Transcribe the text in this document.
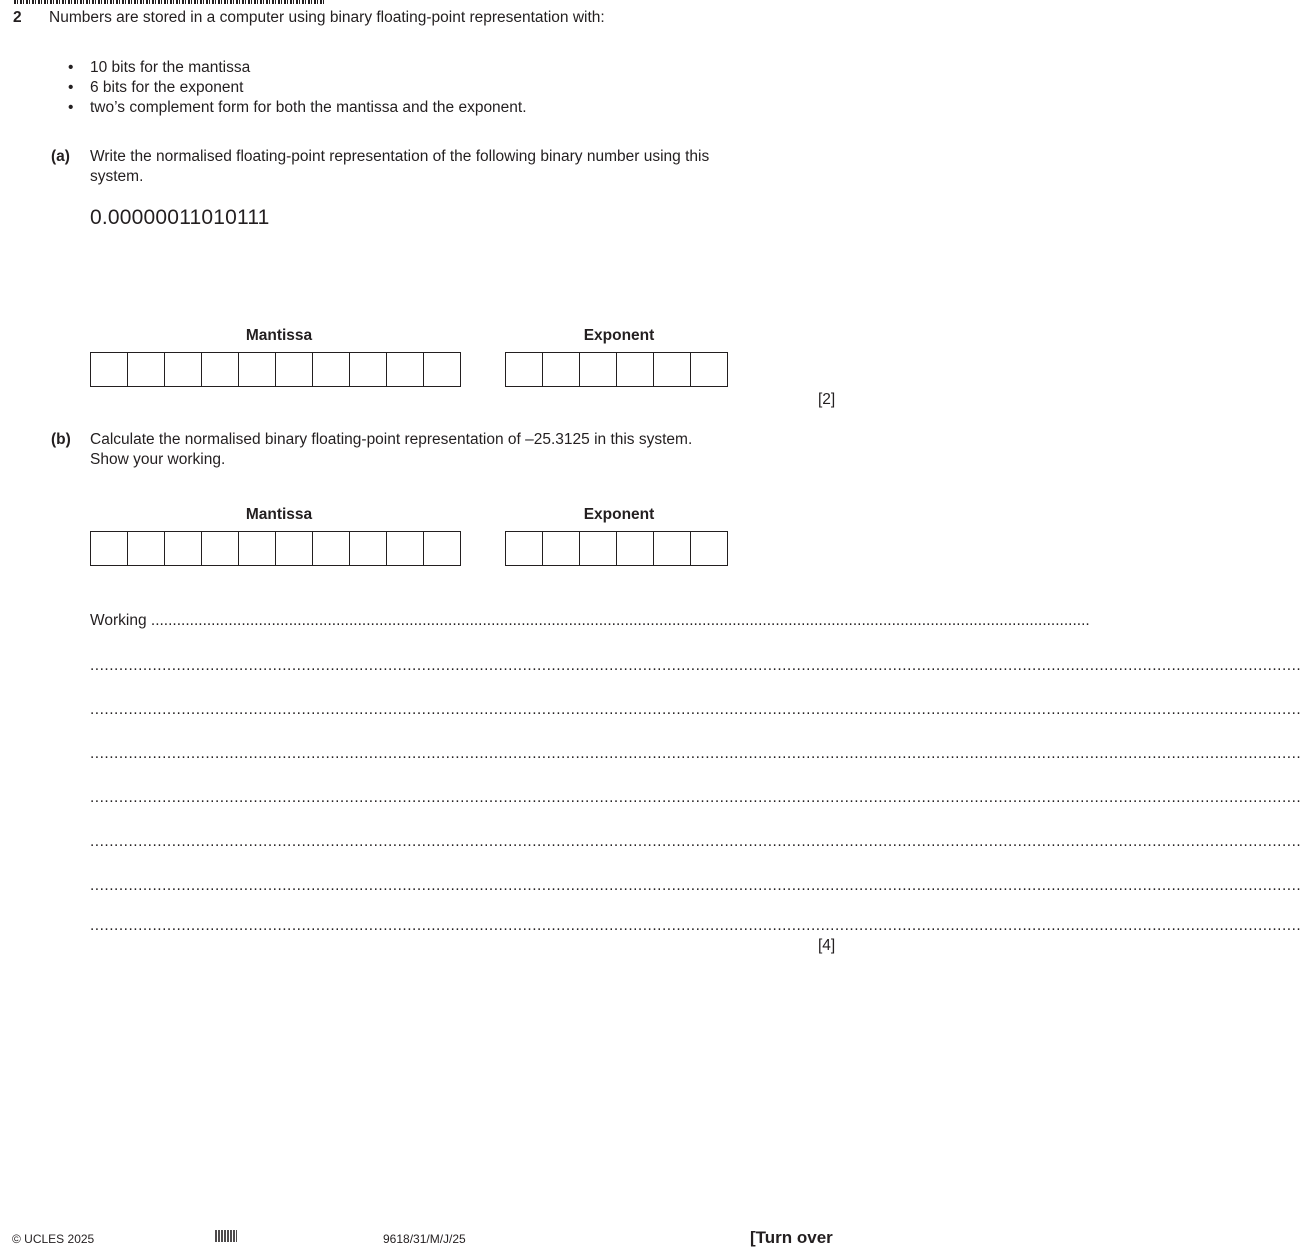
2 Numbers are stored in a computer using binary floating-point representation with:
• 10 bits for the mantissa
• 6 bits for the exponent
• two’s complement form for both the mantissa and the exponent.
(a) Write the normalised floating-point representation of the following binary number using this
system.
0.00000011010111
Mantissa	Exponent
[2]
(b) Calculate the normalised binary floating-point representation of –25.3125 in this system.
Show your working.
Mantissa	Exponent
Working ..........................................................................................................................................................................................................................
.....
.....
.....
.....
.....
.....
.....
[4]
© UCLES 2025	9618/31/M/J/25	[Turn over
